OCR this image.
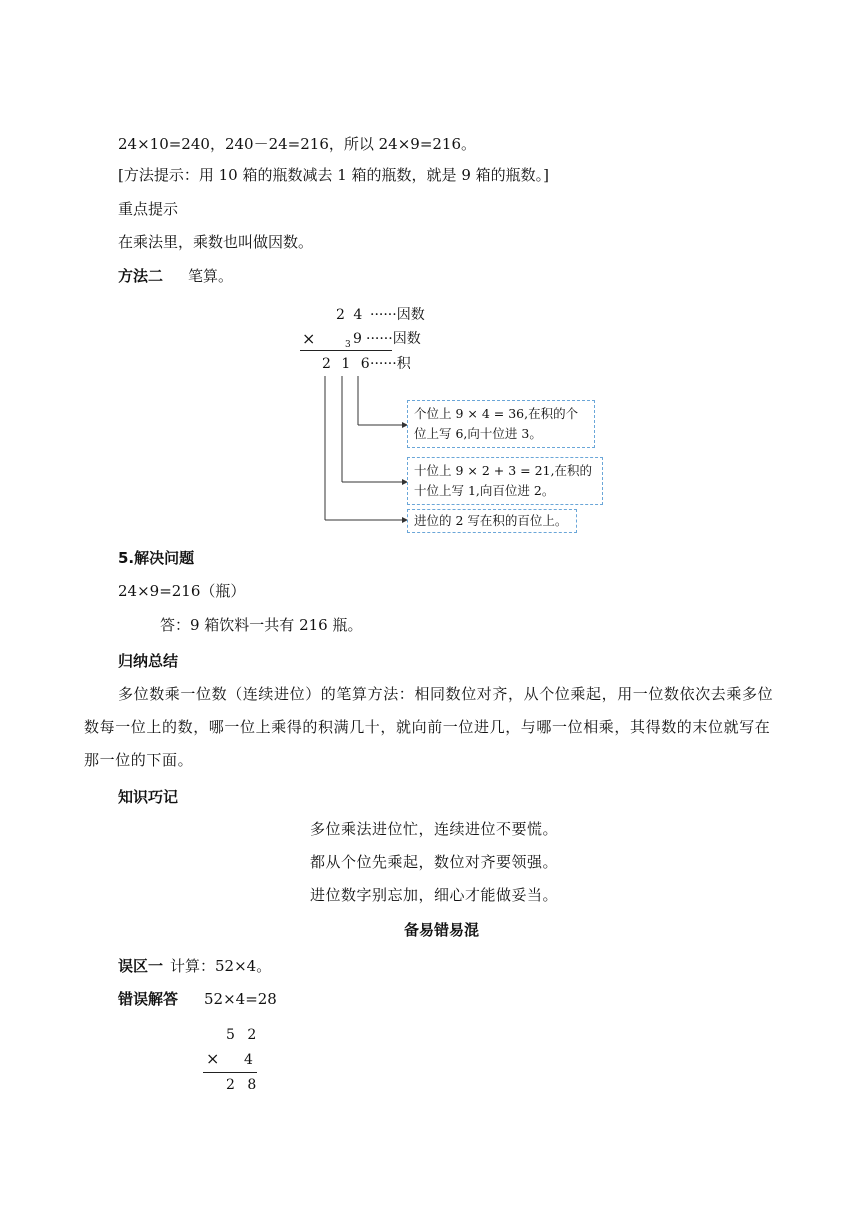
24×10=240，240－24=216，所以 24×9=216。
[方法提示：用 10 箱的瓶数减去 1 箱的瓶数，就是 9 箱的瓶数。]
重点提示
在乘法里，乘数也叫做因数。
方法二 笔算。
2 4 ······因数
×	3 9 ······因数
2 1 6
······积
个位上 9 × 4 = 36,在积的个
位上写 6,向十位进 3。
十位上 9 × 2 + 3 = 21,在积的
十位上写 1,向百位进 2。
进位的 2 写在积的百位上。
5.解决问题
24×9=216（瓶）
答：9 箱饮料一共有 216 瓶。
归纳总结
多位数乘一位数（连续进位）的笔算方法：相同数位对齐，从个位乘起，用一位数依次去乘多位数每一位上的数，哪一位上乘得的积满几十，就向前一位进几，与哪一位相乘，其得数的末位就写在那一位的下面。
知识巧记
多位乘法进位忙，连续进位不要慌。
都从个位先乘起，数位对齐要领强。
进位数字别忘加，细心才能做妥当。
备易错易混
误区一 计算：52×4。
错误解答 52×4=28
5 2
× 4
2 8
